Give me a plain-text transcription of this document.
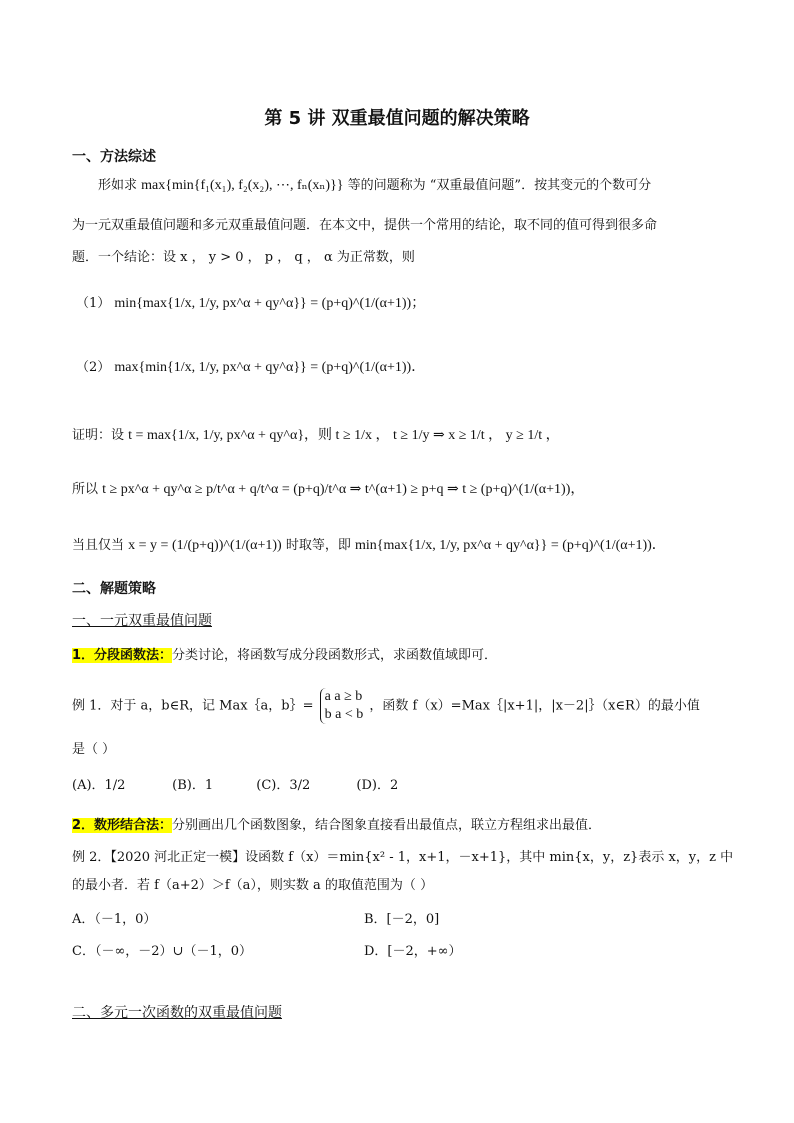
第 5 讲 双重最值问题的解决策略
一、方法综述
形如求 max{min{f₁(x₁), f₂(x₂), ⋯, fₙ(xₙ)}} 等的问题称为 “双重最值问题”．按其变元的个数可分
为一元双重最值问题和多元双重最值问题．在本文中，提供一个常用的结论，取不同的值可得到很多命
题．一个结论：设 x ， y > 0 ， p ， q ， α 为正常数，则
（1） min{max{1/x, 1/y, px^α + qy^α}} = (p+q)^(1/(α+1))；
（2） max{min{1/x, 1/y, px^α + qy^α}} = (p+q)^(1/(α+1))．
证明：设 t = max{1/x, 1/y, px^α + qy^α}，则 t ≥ 1/x ， t ≥ 1/y ⇒ x ≥ 1/t ， y ≥ 1/t ，
所以 t ≥ px^α + qy^α ≥ p/t^α + q/t^α = (p+q)/t^α ⇒ t^(α+1) ≥ p+q ⇒ t ≥ (p+q)^(1/(α+1))，
当且仅当 x = y = (1/(p+q))^(1/(α+1)) 时取等，即 min{max{1/x, 1/y, px^α + qy^α}} = (p+q)^(1/(α+1))．
二、解题策略
一、一元双重最值问题
1．分段函数法：分类讨论，将函数写成分段函数形式，求函数值域即可．
例 1．对于 a，b∈R，记 Max｛a，b｝=
a a ≥ b
b a < b
，函数 f（x）=Max｛|x+1|，|x－2|｝（x∈R）的最小值
是（ ）
(A)．1/2	(B)．1	(C)．3/2	(D)．2
2．数形结合法：分别画出几个函数图象，结合图象直接看出最值点，联立方程组求出最值．
例 2．【2020 河北正定一模】设函数 f（x）＝min{x² - 1，x+1，－x+1}，其中 min{x，y，z}表示 x，y，z 中
的最小者．若 f（a+2）＞f（a），则实数 a 的取值范围为（ ）
A．（－1，0）	B．[－2，0]
C．（－∞，－2）∪（－1，0）	D．[－2，+∞）
二、多元一次函数的双重最值问题
